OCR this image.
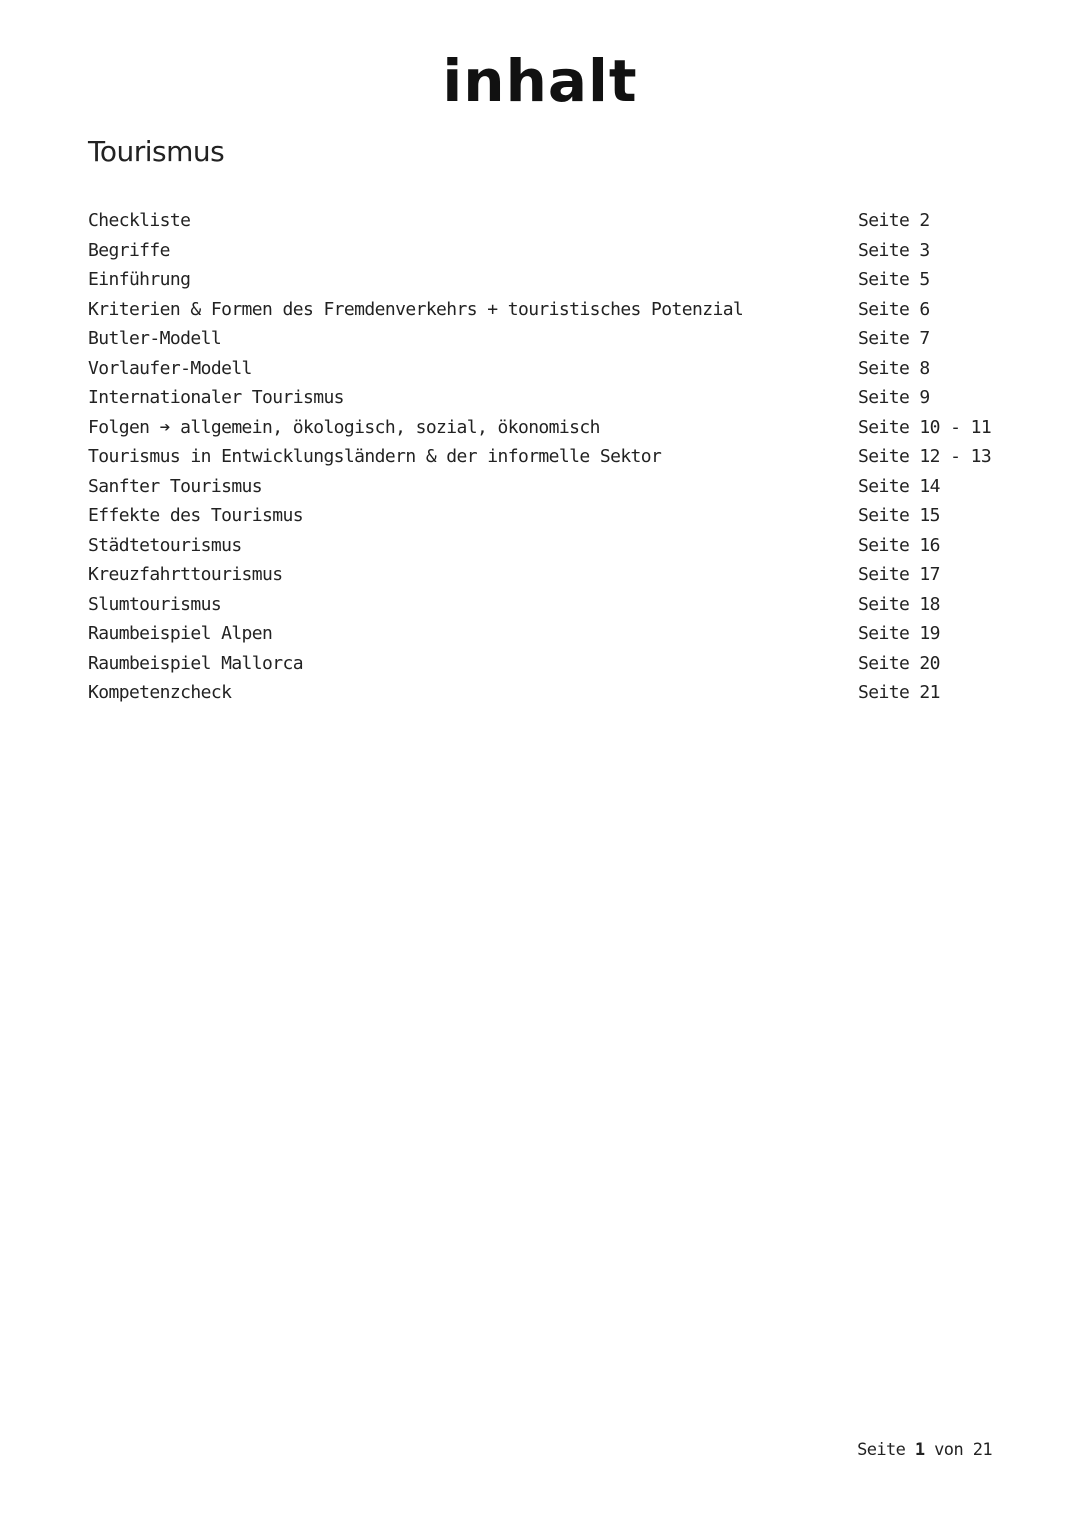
inhalt
Tourismus
Checkliste	Seite 2
Begriffe	Seite 3
Einführung	Seite 5
Kriterien & Formen des Fremdenverkehrs + touristisches Potenzial	Seite 6
Butler-Modell	Seite 7
Vorlaufer-Modell	Seite 8
Internationaler Tourismus	Seite 9
Folgen ➔ allgemein, ökologisch, sozial, ökonomisch	Seite 10 - 11
Tourismus in Entwicklungsländern & der informelle Sektor	Seite 12 - 13
Sanfter Tourismus	Seite 14
Effekte des Tourismus	Seite 15
Städtetourismus	Seite 16
Kreuzfahrttourismus	Seite 17
Slumtourismus	Seite 18
Raumbeispiel Alpen	Seite 19
Raumbeispiel Mallorca	Seite 20
Kompetenzcheck	Seite 21
Seite 1 von 21
